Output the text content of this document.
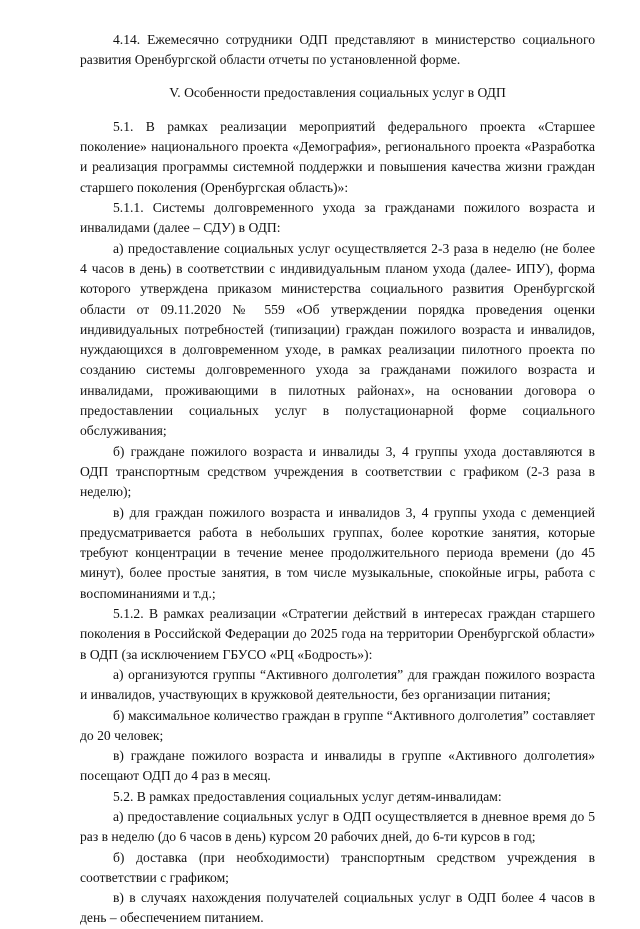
4.14. Ежемесячно сотрудники ОДП представляют в министерство социального развития Оренбургской области отчеты по установленной форме.

V. Особенности предоставления социальных услуг в ОДП

5.1. В рамках реализации мероприятий федерального проекта «Старшее поколение» национального проекта «Демография», регионального проекта «Разработка и реализация программы системной поддержки и повышения качества жизни граждан старшего поколения (Оренбургская область)»:

5.1.1. Системы долговременного ухода за гражданами пожилого возраста и инвалидами (далее – СДУ) в ОДП:

а) предоставление социальных услуг осуществляется 2-3 раза в неделю (не более 4 часов в день) в соответствии с индивидуальным планом ухода (далее- ИПУ), форма которого утверждена приказом министерства социального развития Оренбургской области от 09.11.2020 № 559 «Об утверждении порядка проведения оценки индивидуальных потребностей (типизации) граждан пожилого возраста и инвалидов, нуждающихся в долговременном уходе, в рамках реализации пилотного проекта по созданию системы долговременного ухода за гражданами пожилого возраста и инвалидами, проживающими в пилотных районах», на основании договора о предоставлении социальных услуг в полустационарной форме социального обслуживания;

б) граждане пожилого возраста и инвалиды 3, 4 группы ухода доставляются в ОДП транспортным средством учреждения в соответствии с графиком (2-3 раза в неделю);

в) для граждан пожилого возраста и инвалидов 3, 4 группы ухода с деменцией предусматривается работа в небольших группах, более короткие занятия, которые требуют концентрации в течение менее продолжительного периода времени (до 45 минут), более простые занятия, в том числе музыкальные, спокойные игры, работа с воспоминаниями и т.д.;

5.1.2. В рамках реализации «Стратегии действий в интересах граждан старшего поколения в Российской Федерации до 2025 года на территории Оренбургской области» в ОДП (за исключением ГБУСО «РЦ «Бодрость»):

а) организуются группы “Активного долголетия” для граждан пожилого возраста и инвалидов, участвующих в кружковой деятельности, без организации питания;

б) максимальное количество граждан в группе “Активного долголетия” составляет до 20 человек;

в) граждане пожилого возраста и инвалиды в группе «Активного долголетия» посещают ОДП до 4 раз в месяц.

5.2. В рамках предоставления социальных услуг детям-инвалидам:

а) предоставление социальных услуг в ОДП осуществляется в дневное время до 5 раз в неделю (до 6 часов в день) курсом 20 рабочих дней, до 6-ти курсов в год;

б) доставка (при необходимости) транспортным средством учреждения в соответствии с графиком;

в) в случаях нахождения получателей социальных услуг в ОДП более 4 часов в день – обеспечением питанием.
